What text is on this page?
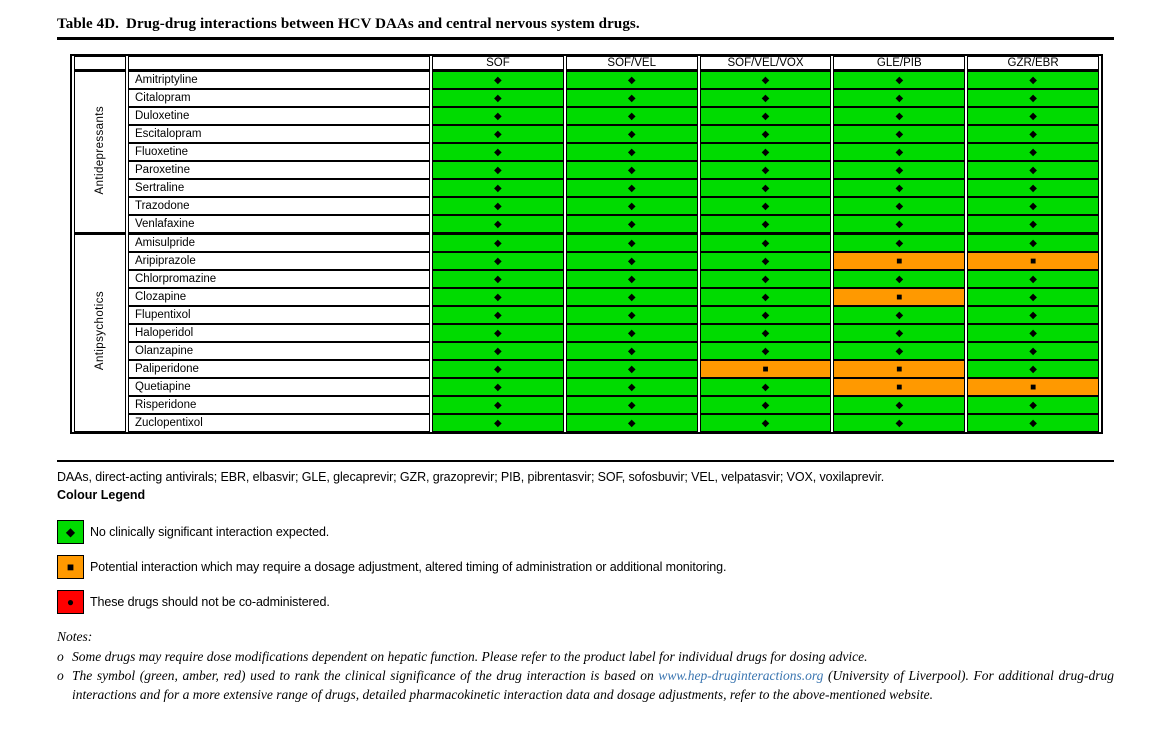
Table 4D. Drug-drug interactions between HCV DAAs and central nervous system drugs.
		SOF	SOF/VEL	SOF/VEL/VOX	GLE/PIB	GZR/EBR
Antidepressants	Amitriptyline	◆	◆	◆	◆	◆
	Citalopram	◆	◆	◆	◆	◆
	Duloxetine	◆	◆	◆	◆	◆
	Escitalopram	◆	◆	◆	◆	◆
	Fluoxetine	◆	◆	◆	◆	◆
	Paroxetine	◆	◆	◆	◆	◆
	Sertraline	◆	◆	◆	◆	◆
	Trazodone	◆	◆	◆	◆	◆
	Venlafaxine	◆	◆	◆	◆	◆
Antipsychotics	Amisulpride	◆	◆	◆	◆	◆
	Aripiprazole	◆	◆	◆	■	■
	Chlorpromazine	◆	◆	◆	◆	◆
	Clozapine	◆	◆	◆	■	◆
	Flupentixol	◆	◆	◆	◆	◆
	Haloperidol	◆	◆	◆	◆	◆
	Olanzapine	◆	◆	◆	◆	◆
	Paliperidone	◆	◆	■	■	◆
	Quetiapine	◆	◆	◆	■	■
	Risperidone	◆	◆	◆	◆	◆
	Zuclopentixol	◆	◆	◆	◆	◆
DAAs, direct-acting antivirals; EBR, elbasvir; GLE, glecaprevir; GZR, grazoprevir; PIB, pibrentasvir; SOF, sofosbuvir; VEL, velpatasvir; VOX, voxilaprevir.
Colour Legend
◆ No clinically significant interaction expected.
■ Potential interaction which may require a dosage adjustment, altered timing of administration or additional monitoring.
● These drugs should not be co-administered.
Notes:
o Some drugs may require dose modifications dependent on hepatic function. Please refer to the product label for individual drugs for dosing advice.
o The symbol (green, amber, red) used to rank the clinical significance of the drug interaction is based on www.hep-druginteractions.org (University of Liverpool). For additional drug-drug interactions and for a more extensive range of drugs, detailed pharmacokinetic interaction data and dosage adjustments, refer to the above-mentioned website.
